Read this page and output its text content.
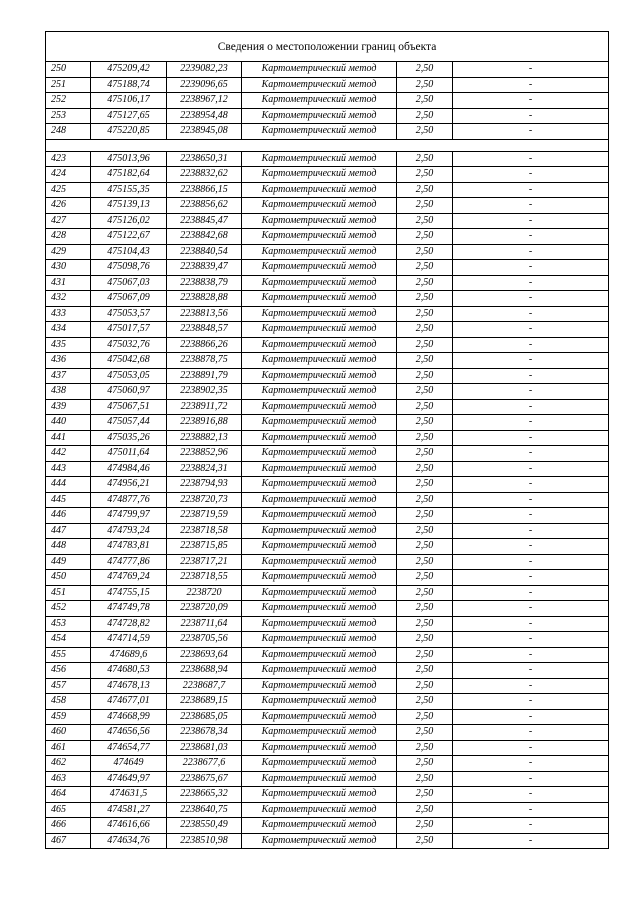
Сведения о местоположении границ объекта					
250	475209,42	2239082,23	Картометрический метод	2,50	-
251	475188,74	2239096,65	Картометрический метод	2,50	-
252	475106,17	2238967,12	Картометрический метод	2,50	-
253	475127,65	2238954,48	Картометрический метод	2,50	-
248	475220,85	2238945,08	Картометрический метод	2,50	-

423	475013,96	2238650,31	Картометрический метод	2,50	-
424	475182,64	2238832,62	Картометрический метод	2,50	-
425	475155,35	2238866,15	Картометрический метод	2,50	-
426	475139,13	2238856,62	Картометрический метод	2,50	-
427	475126,02	2238845,47	Картометрический метод	2,50	-
428	475122,67	2238842,68	Картометрический метод	2,50	-
429	475104,43	2238840,54	Картометрический метод	2,50	-
430	475098,76	2238839,47	Картометрический метод	2,50	-
431	475067,03	2238838,79	Картометрический метод	2,50	-
432	475067,09	2238828,88	Картометрический метод	2,50	-
433	475053,57	2238813,56	Картометрический метод	2,50	-
434	475017,57	2238848,57	Картометрический метод	2,50	-
435	475032,76	2238866,26	Картометрический метод	2,50	-
436	475042,68	2238878,75	Картометрический метод	2,50	-
437	475053,05	2238891,79	Картометрический метод	2,50	-
438	475060,97	2238902,35	Картометрический метод	2,50	-
439	475067,51	2238911,72	Картометрический метод	2,50	-
440	475057,44	2238916,88	Картометрический метод	2,50	-
441	475035,26	2238882,13	Картометрический метод	2,50	-
442	475011,64	2238852,96	Картометрический метод	2,50	-
443	474984,46	2238824,31	Картометрический метод	2,50	-
444	474956,21	2238794,93	Картометрический метод	2,50	-
445	474877,76	2238720,73	Картометрический метод	2,50	-
446	474799,97	2238719,59	Картометрический метод	2,50	-
447	474793,24	2238718,58	Картометрический метод	2,50	-
448	474783,81	2238715,85	Картометрический метод	2,50	-
449	474777,86	2238717,21	Картометрический метод	2,50	-
450	474769,24	2238718,55	Картометрический метод	2,50	-
451	474755,15	2238720	Картометрический метод	2,50	-
452	474749,78	2238720,09	Картометрический метод	2,50	-
453	474728,82	2238711,64	Картометрический метод	2,50	-
454	474714,59	2238705,56	Картометрический метод	2,50	-
455	474689,6	2238693,64	Картометрический метод	2,50	-
456	474680,53	2238688,94	Картометрический метод	2,50	-
457	474678,13	2238687,7	Картометрический метод	2,50	-
458	474677,01	2238689,15	Картометрический метод	2,50	-
459	474668,99	2238685,05	Картометрический метод	2,50	-
460	474656,56	2238678,34	Картометрический метод	2,50	-
461	474654,77	2238681,03	Картометрический метод	2,50	-
462	474649	2238677,6	Картометрический метод	2,50	-
463	474649,97	2238675,67	Картометрический метод	2,50	-
464	474631,5	2238665,32	Картометрический метод	2,50	-
465	474581,27	2238640,75	Картометрический метод	2,50	-
466	474616,66	2238550,49	Картометрический метод	2,50	-
467	474634,76	2238510,98	Картометрический метод	2,50	-
